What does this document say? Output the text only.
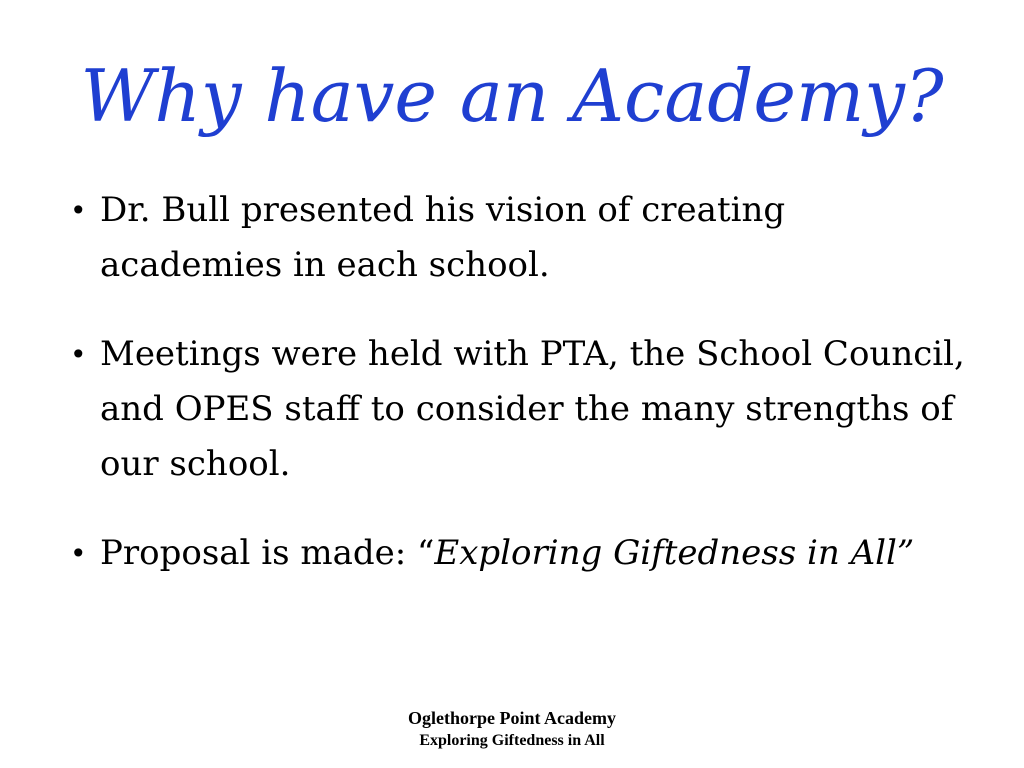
Why have an Academy?
• Dr. Bull presented his vision of creating academies in each school.
• Meetings were held with PTA, the School Council, and OPES staff to consider the many strengths of our school.
• Proposal is made: “Exploring Giftedness in All”
Oglethorpe Point Academy
Exploring Giftedness in All
